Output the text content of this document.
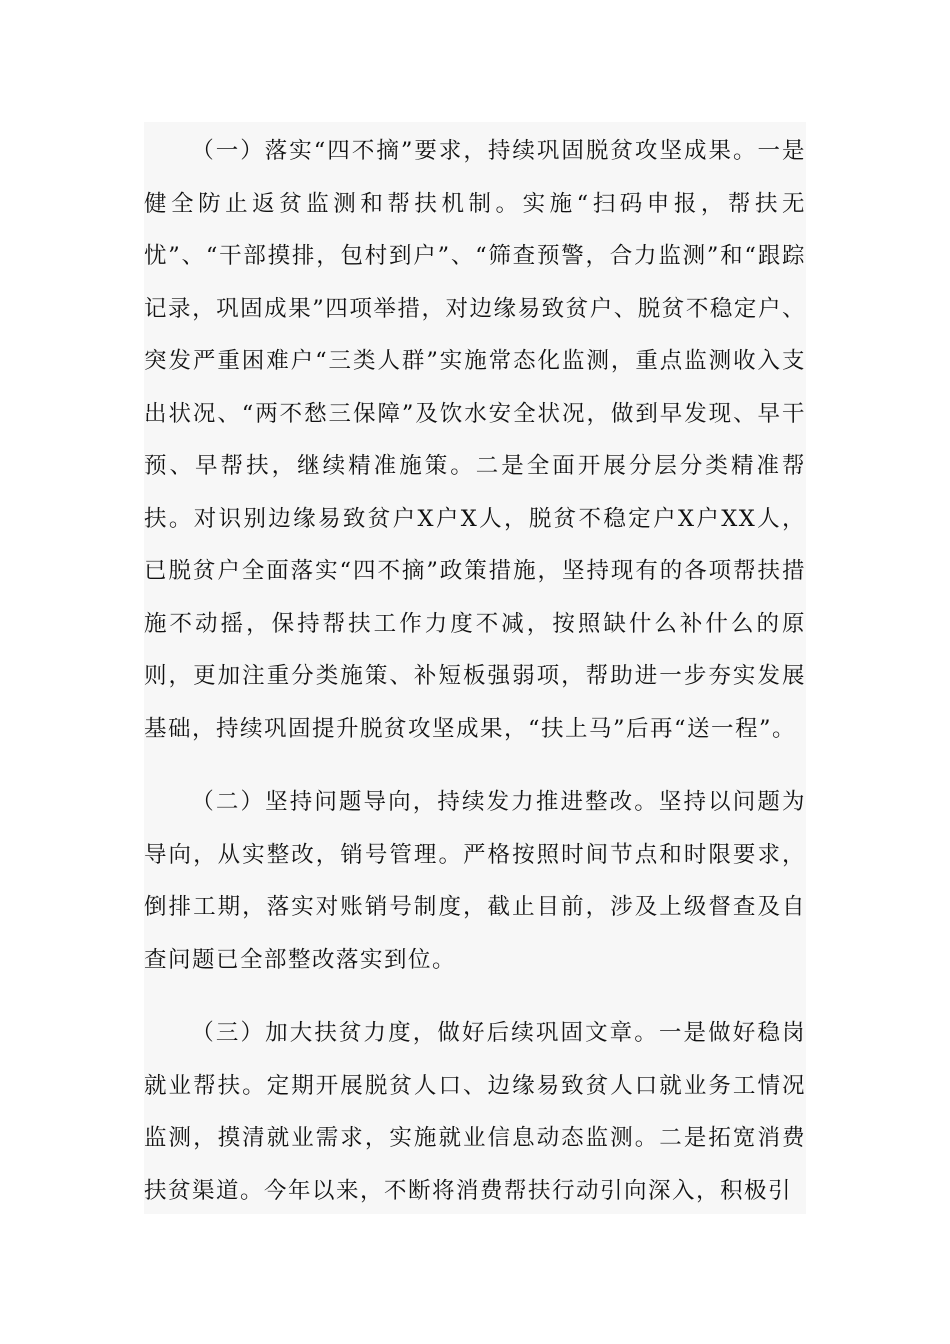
（一）落实“四不摘”要求，持续巩固脱贫攻坚成果。一是健全防止返贫监测和帮扶机制。实施“扫码申报，帮扶无忧”、“干部摸排，包村到户”、“筛查预警，合力监测”和“跟踪记录，巩固成果”四项举措，对边缘易致贫户、脱贫不稳定户、突发严重困难户“三类人群”实施常态化监测，重点监测收入支出状况、“两不愁三保障”及饮水安全状况，做到早发现、早干预、早帮扶，继续精准施策。二是全面开展分层分类精准帮扶。对识别边缘易致贫户X户X人，脱贫不稳定户X户XX人，已脱贫户全面落实“四不摘”政策措施，坚持现有的各项帮扶措施不动摇，保持帮扶工作力度不减，按照缺什么补什么的原则，更加注重分类施策、补短板强弱项，帮助进一步夯实发展基础，持续巩固提升脱贫攻坚成果，“扶上马”后再“送一程”。

（二）坚持问题导向，持续发力推进整改。坚持以问题为导向，从实整改，销号管理。严格按照时间节点和时限要求，倒排工期，落实对账销号制度，截止目前，涉及上级督查及自查问题已全部整改落实到位。

（三）加大扶贫力度，做好后续巩固文章。一是做好稳岗就业帮扶。定期开展脱贫人口、边缘易致贫人口就业务工情况监测，摸清就业需求，实施就业信息动态监测。二是拓宽消费扶贫渠道。今年以来，不断将消费帮扶行动引向深入，积极引
